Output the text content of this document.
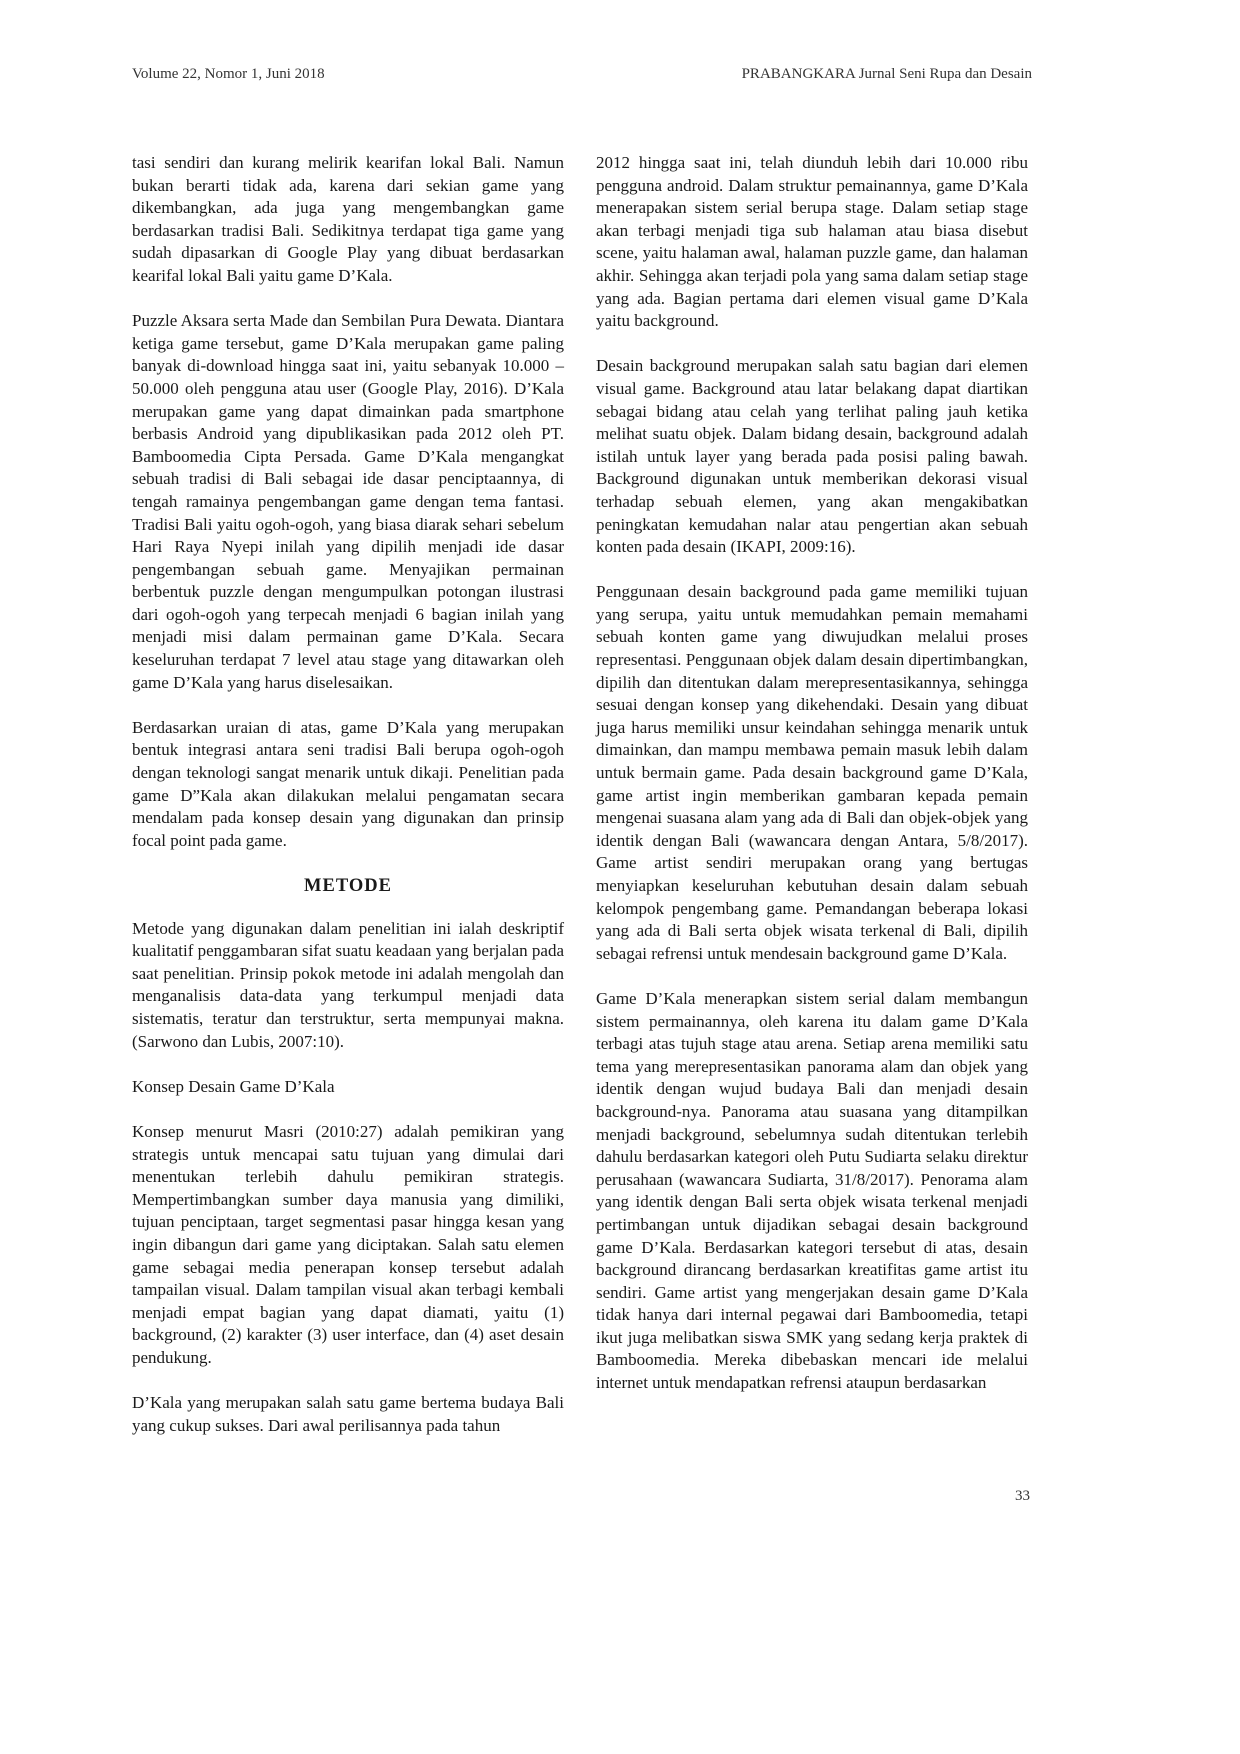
Volume 22, Nomor 1, Juni 2018	PRABANGKARA Jurnal Seni Rupa dan Desain

tasi sendiri dan kurang melirik kearifan lokal Bali. Namun bukan berarti tidak ada, karena dari sekian game yang dikembangkan, ada juga yang mengembangkan game berdasarkan tradisi Bali. Sedikitnya terdapat tiga game yang sudah dipasarkan di Google Play yang dibuat berdasarkan kearifal lokal Bali yaitu game D’Kala.

Puzzle Aksara serta Made dan Sembilan Pura Dewata. Diantara ketiga game tersebut, game D’Kala merupakan game paling banyak di-download hingga saat ini, yaitu sebanyak 10.000 – 50.000 oleh pengguna atau user (Google Play, 2016). D’Kala merupakan game yang dapat dimainkan pada smartphone berbasis Android yang dipublikasikan pada 2012 oleh PT. Bamboomedia Cipta Persada. Game D’Kala mengangkat sebuah tradisi di Bali sebagai ide dasar penciptaannya, di tengah ramainya pengembangan game dengan tema fantasi. Tradisi Bali yaitu ogoh-ogoh, yang biasa diarak sehari sebelum Hari Raya Nyepi inilah yang dipilih menjadi ide dasar pengembangan sebuah game. Menyajikan permainan berbentuk puzzle dengan mengumpulkan potongan ilustrasi dari ogoh-ogoh yang terpecah menjadi 6 bagian inilah yang menjadi misi dalam permainan game D’Kala. Secara keseluruhan terdapat 7 level atau stage yang ditawarkan oleh game D’Kala yang harus diselesaikan.

Berdasarkan uraian di atas, game D’Kala yang merupakan bentuk integrasi antara seni tradisi Bali berupa ogoh-ogoh dengan teknologi sangat menarik untuk dikaji. Penelitian pada game D”Kala akan dilakukan melalui pengamatan secara mendalam pada konsep desain yang digunakan dan prinsip focal point pada game.

METODE

Metode yang digunakan dalam penelitian ini ialah deskriptif kualitatif penggambaran sifat suatu keadaan yang berjalan pada saat penelitian. Prinsip pokok metode ini adalah mengolah dan menganalisis data-data yang terkumpul menjadi data sistematis, teratur dan terstruktur, serta mempunyai makna. (Sarwono dan Lubis, 2007:10).

Konsep Desain Game D’Kala

Konsep menurut Masri (2010:27) adalah pemikiran yang strategis untuk mencapai satu tujuan yang dimulai dari menentukan terlebih dahulu pemikiran strategis. Mempertimbangkan sumber daya manusia yang dimiliki, tujuan penciptaan, target segmentasi pasar hingga kesan yang ingin dibangun dari game yang diciptakan. Salah satu elemen game sebagai media penerapan konsep tersebut adalah tampailan visual. Dalam tampilan visual akan terbagi kembali menjadi empat bagian yang dapat diamati, yaitu (1) background, (2) karakter (3) user interface, dan (4) aset desain pendukung.

D’Kala yang merupakan salah satu game bertema budaya Bali yang cukup sukses. Dari awal perilisannya pada tahun

2012 hingga saat ini, telah diunduh lebih dari 10.000 ribu pengguna android. Dalam struktur pemainannya, game D’Kala menerapakan sistem serial berupa stage. Dalam setiap stage akan terbagi menjadi tiga sub halaman atau biasa disebut scene, yaitu halaman awal, halaman puzzle game, dan halaman akhir. Sehingga akan terjadi pola yang sama dalam setiap stage yang ada. Bagian pertama dari elemen visual game D’Kala yaitu background.

Desain background merupakan salah satu bagian dari elemen visual game. Background atau latar belakang dapat diartikan sebagai bidang atau celah yang terlihat paling jauh ketika melihat suatu objek. Dalam bidang desain, background adalah istilah untuk layer yang berada pada posisi paling bawah. Background digunakan untuk memberikan dekorasi visual terhadap sebuah elemen, yang akan mengakibatkan peningkatan kemudahan nalar atau pengertian akan sebuah konten pada desain (IKAPI, 2009:16).

Penggunaan desain background pada game memiliki tujuan yang serupa, yaitu untuk memudahkan pemain memahami sebuah konten game yang diwujudkan melalui proses representasi. Penggunaan objek dalam desain dipertimbangkan, dipilih dan ditentukan dalam merepresentasikannya, sehingga sesuai dengan konsep yang dikehendaki. Desain yang dibuat juga harus memiliki unsur keindahan sehingga menarik untuk dimainkan, dan mampu membawa pemain masuk lebih dalam untuk bermain game. Pada desain background game D’Kala, game artist ingin memberikan gambaran kepada pemain mengenai suasana alam yang ada di Bali dan objek-objek yang identik dengan Bali (wawancara dengan Antara, 5/8/2017). Game artist sendiri merupakan orang yang bertugas menyiapkan keseluruhan kebutuhan desain dalam sebuah kelompok pengembang game. Pemandangan beberapa lokasi yang ada di Bali serta objek wisata terkenal di Bali, dipilih sebagai refrensi untuk mendesain background game D’Kala.

Game D’Kala menerapkan sistem serial dalam membangun sistem permainannya, oleh karena itu dalam game D’Kala terbagi atas tujuh stage atau arena. Setiap arena memiliki satu tema yang merepresentasikan panorama alam dan objek yang identik dengan wujud budaya Bali dan menjadi desain background-nya. Panorama atau suasana yang ditampilkan menjadi background, sebelumnya sudah ditentukan terlebih dahulu berdasarkan kategori oleh Putu Sudiarta selaku direktur perusahaan (wawancara Sudiarta, 31/8/2017). Penorama alam yang identik dengan Bali serta objek wisata terkenal menjadi pertimbangan untuk dijadikan sebagai desain background game D’Kala. Berdasarkan kategori tersebut di atas, desain background dirancang berdasarkan kreatifitas game artist itu sendiri. Game artist yang mengerjakan desain game D’Kala tidak hanya dari internal pegawai dari Bamboomedia, tetapi ikut juga melibatkan siswa SMK yang sedang kerja praktek di Bamboomedia. Mereka dibebaskan mencari ide melalui internet untuk mendapatkan refrensi ataupun berdasarkan

33
